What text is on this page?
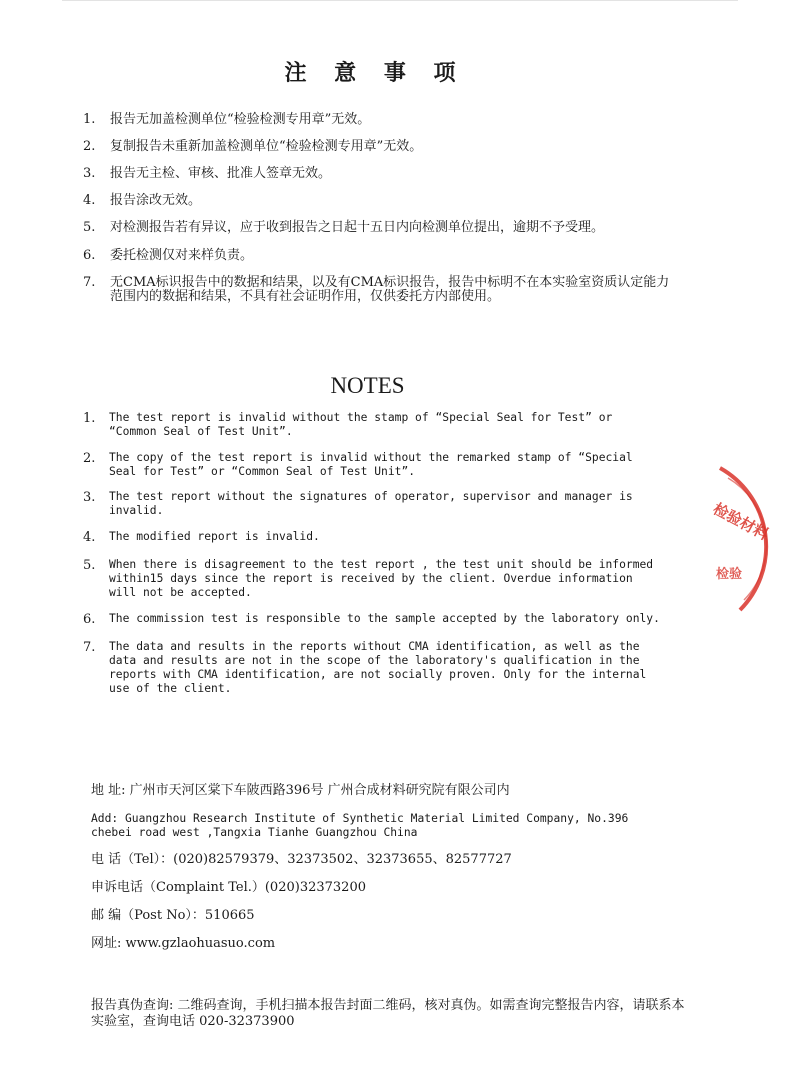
注 意 事 项
1.	报告无加盖检测单位“检验检测专用章”无效。
2.	复制报告未重新加盖检测单位“检验检测专用章”无效。
3.	报告无主检、审核、批准人签章无效。
4.	报告涂改无效。
5.	对检测报告若有异议，应于收到报告之日起十五日内向检测单位提出，逾期不予受理。
6.	委托检测仅对来样负责。
7.	无CMA标识报告中的数据和结果，以及有CMA标识报告，报告中标明不在本实验室资质认定能力范围内的数据和结果，不具有社会证明作用，仅供委托方内部使用。
NOTES
1.	The test report is invalid without the stamp of “Special Seal for Test” or
“Common Seal of Test Unit”.
2.	The copy of the test report is invalid without the remarked stamp of “Special
Seal for Test” or “Common Seal of Test Unit”.
3.	The test report without the signatures of operator, supervisor and manager is
invalid.
4.	The modified report is invalid.
5.	When there is disagreement to the test report , the test unit should be informed
within15 days since the report is received by the client. Overdue information
will not be accepted.
6.	The commission test is responsible to the sample accepted by the laboratory only.
7.	The data and results in the reports without CMA identification, as well as the
data and results are not in the scope of the laboratory's qualification in the
reports with CMA identification, are not socially proven. Only for the internal
use of the client.
地 址: 广州市天河区棠下车陂西路396号 广州合成材料研究院有限公司内
Add: Guangzhou Research Institute of Synthetic Material Limited Company, No.396
chebei road west ,Tangxia Tianhe Guangzhou China
电 话（Tel）：(020)82579379、32373502、32373655、82577727
申诉电话（Complaint Tel.）(020)32373200
邮 编（Post No）：510665
网址: www.gzlaohuasuo.com
报告真伪查询: 二维码查询，手机扫描本报告封面二维码，核对真伪。如需查询完整报告内容，请联系本实验室，查询电话 020-32373900
检验材料
检验
